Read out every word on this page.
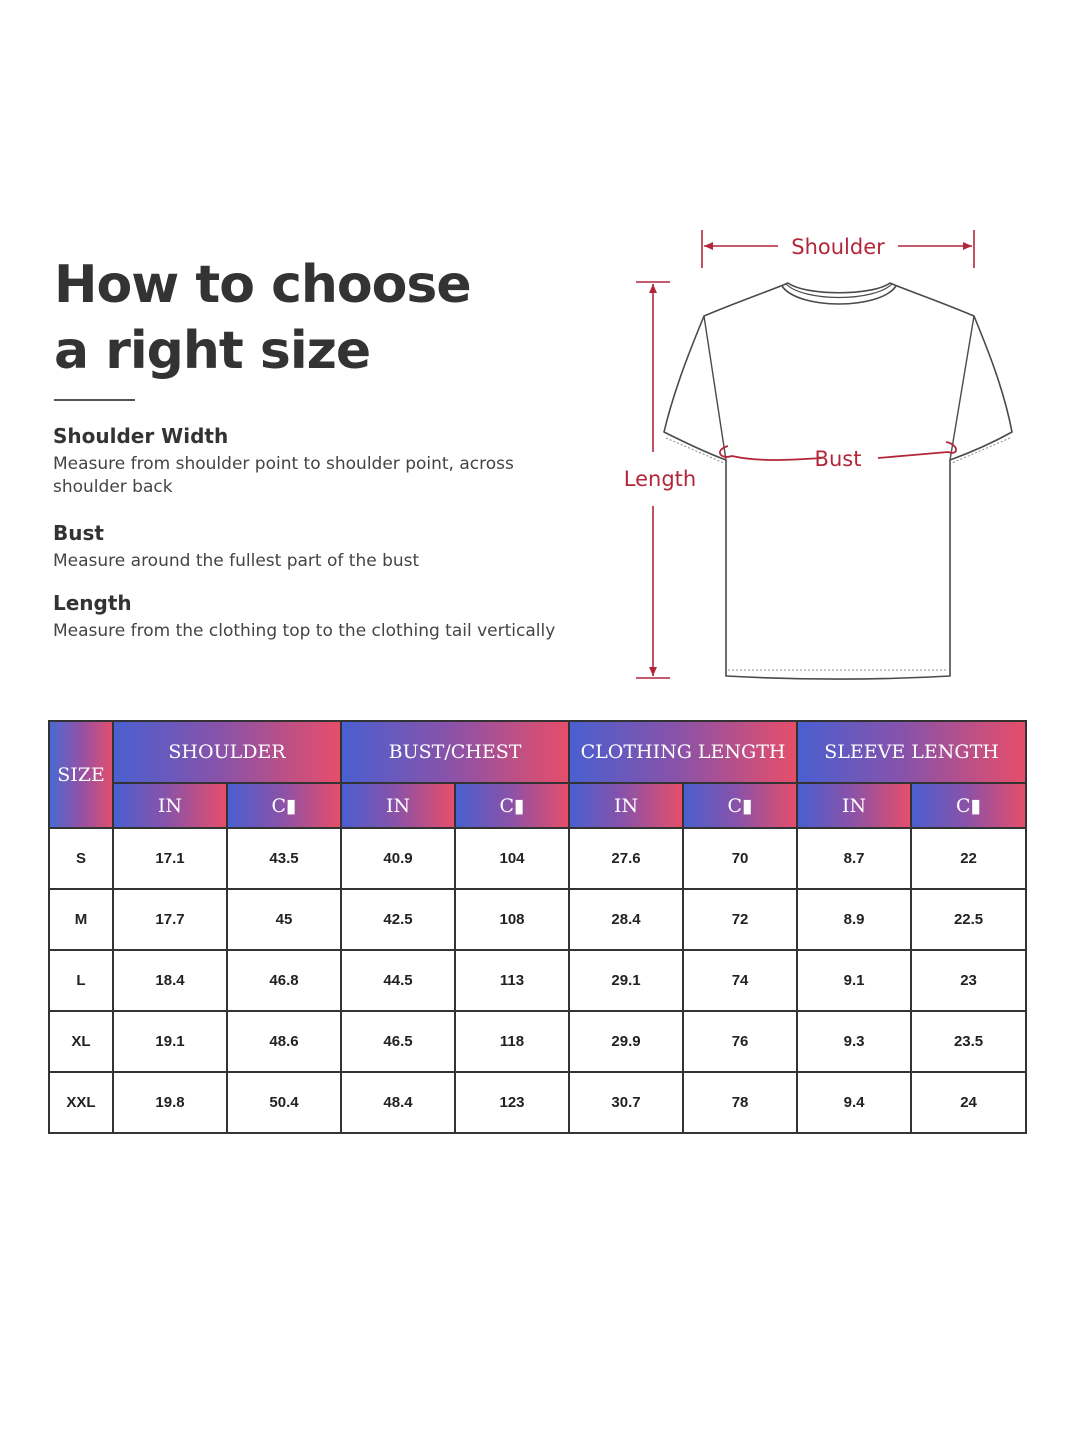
How to choose
a right size
Shoulder Width

Measure from shoulder point to shoulder point, across shoulder back

Bust

Measure around the fullest part of the bust

Length

Measure from the clothing top to the clothing tail vertically

Shoulder
Length
Bust
SIZE	SHOULDER		BUST/CHEST		CLOTHING LENGTH		SLEEVE LENGTH	
	IN	C▮	IN	C▮	IN	C▮	IN	C▮
S	17.1	43.5	40.9	104	27.6	70	8.7	22
M	17.7	45	42.5	108	28.4	72	8.9	22.5
L	18.4	46.8	44.5	113	29.1	74	9.1	23
XL	19.1	48.6	46.5	118	29.9	76	9.3	23.5
XXL	19.8	50.4	48.4	123	30.7	78	9.4	24
